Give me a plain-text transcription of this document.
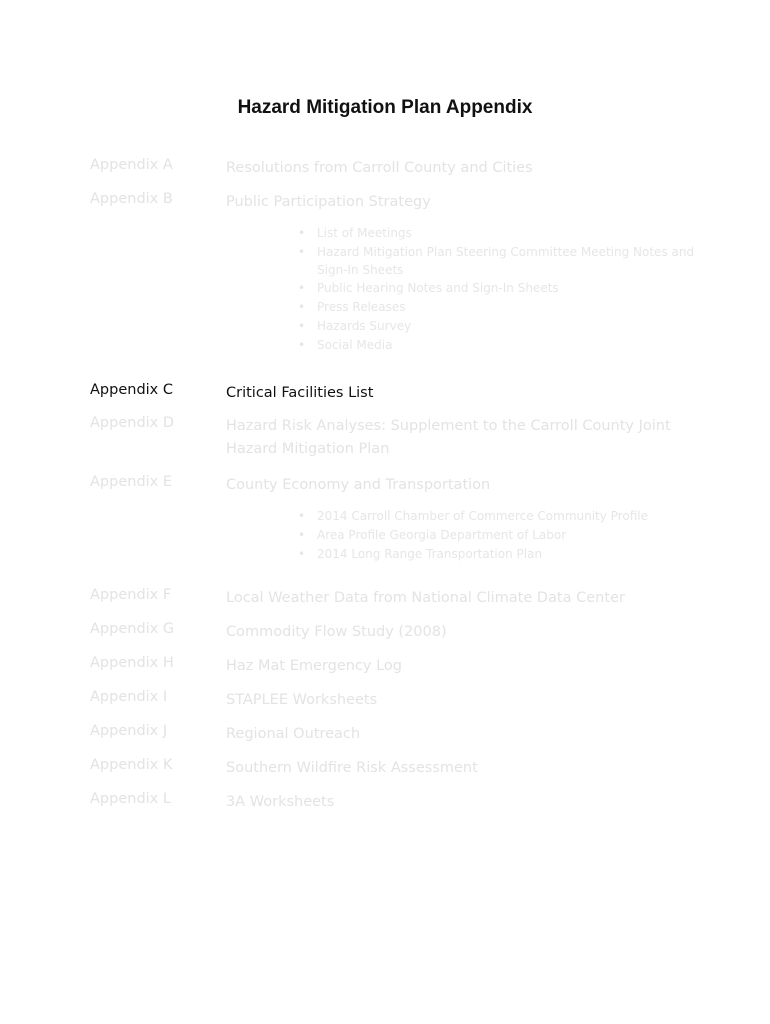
Hazard Mitigation Plan Appendix
Appendix A	Resolutions from Carroll County and Cities
Appendix B	Public Participation Strategy
• List of Meetings
• Hazard Mitigation Plan Steering Committee Meeting Notes and Sign-In Sheets
• Public Hearing Notes and Sign-In Sheets
• Press Releases
• Hazards Survey
• Social Media
Appendix C	Critical Facilities List
Appendix D	Hazard Risk Analyses: Supplement to the Carroll County Joint Hazard Mitigation Plan
Appendix E	County Economy and Transportation
• 2014 Carroll Chamber of Commerce Community Profile
• Area Profile Georgia Department of Labor
• 2014 Long Range Transportation Plan
Appendix F	Local Weather Data from National Climate Data Center
Appendix G	Commodity Flow Study (2008)
Appendix H	Haz Mat Emergency Log
Appendix I	STAPLEE Worksheets
Appendix J	Regional Outreach
Appendix K	Southern Wildfire Risk Assessment
Appendix L	3A Worksheets
